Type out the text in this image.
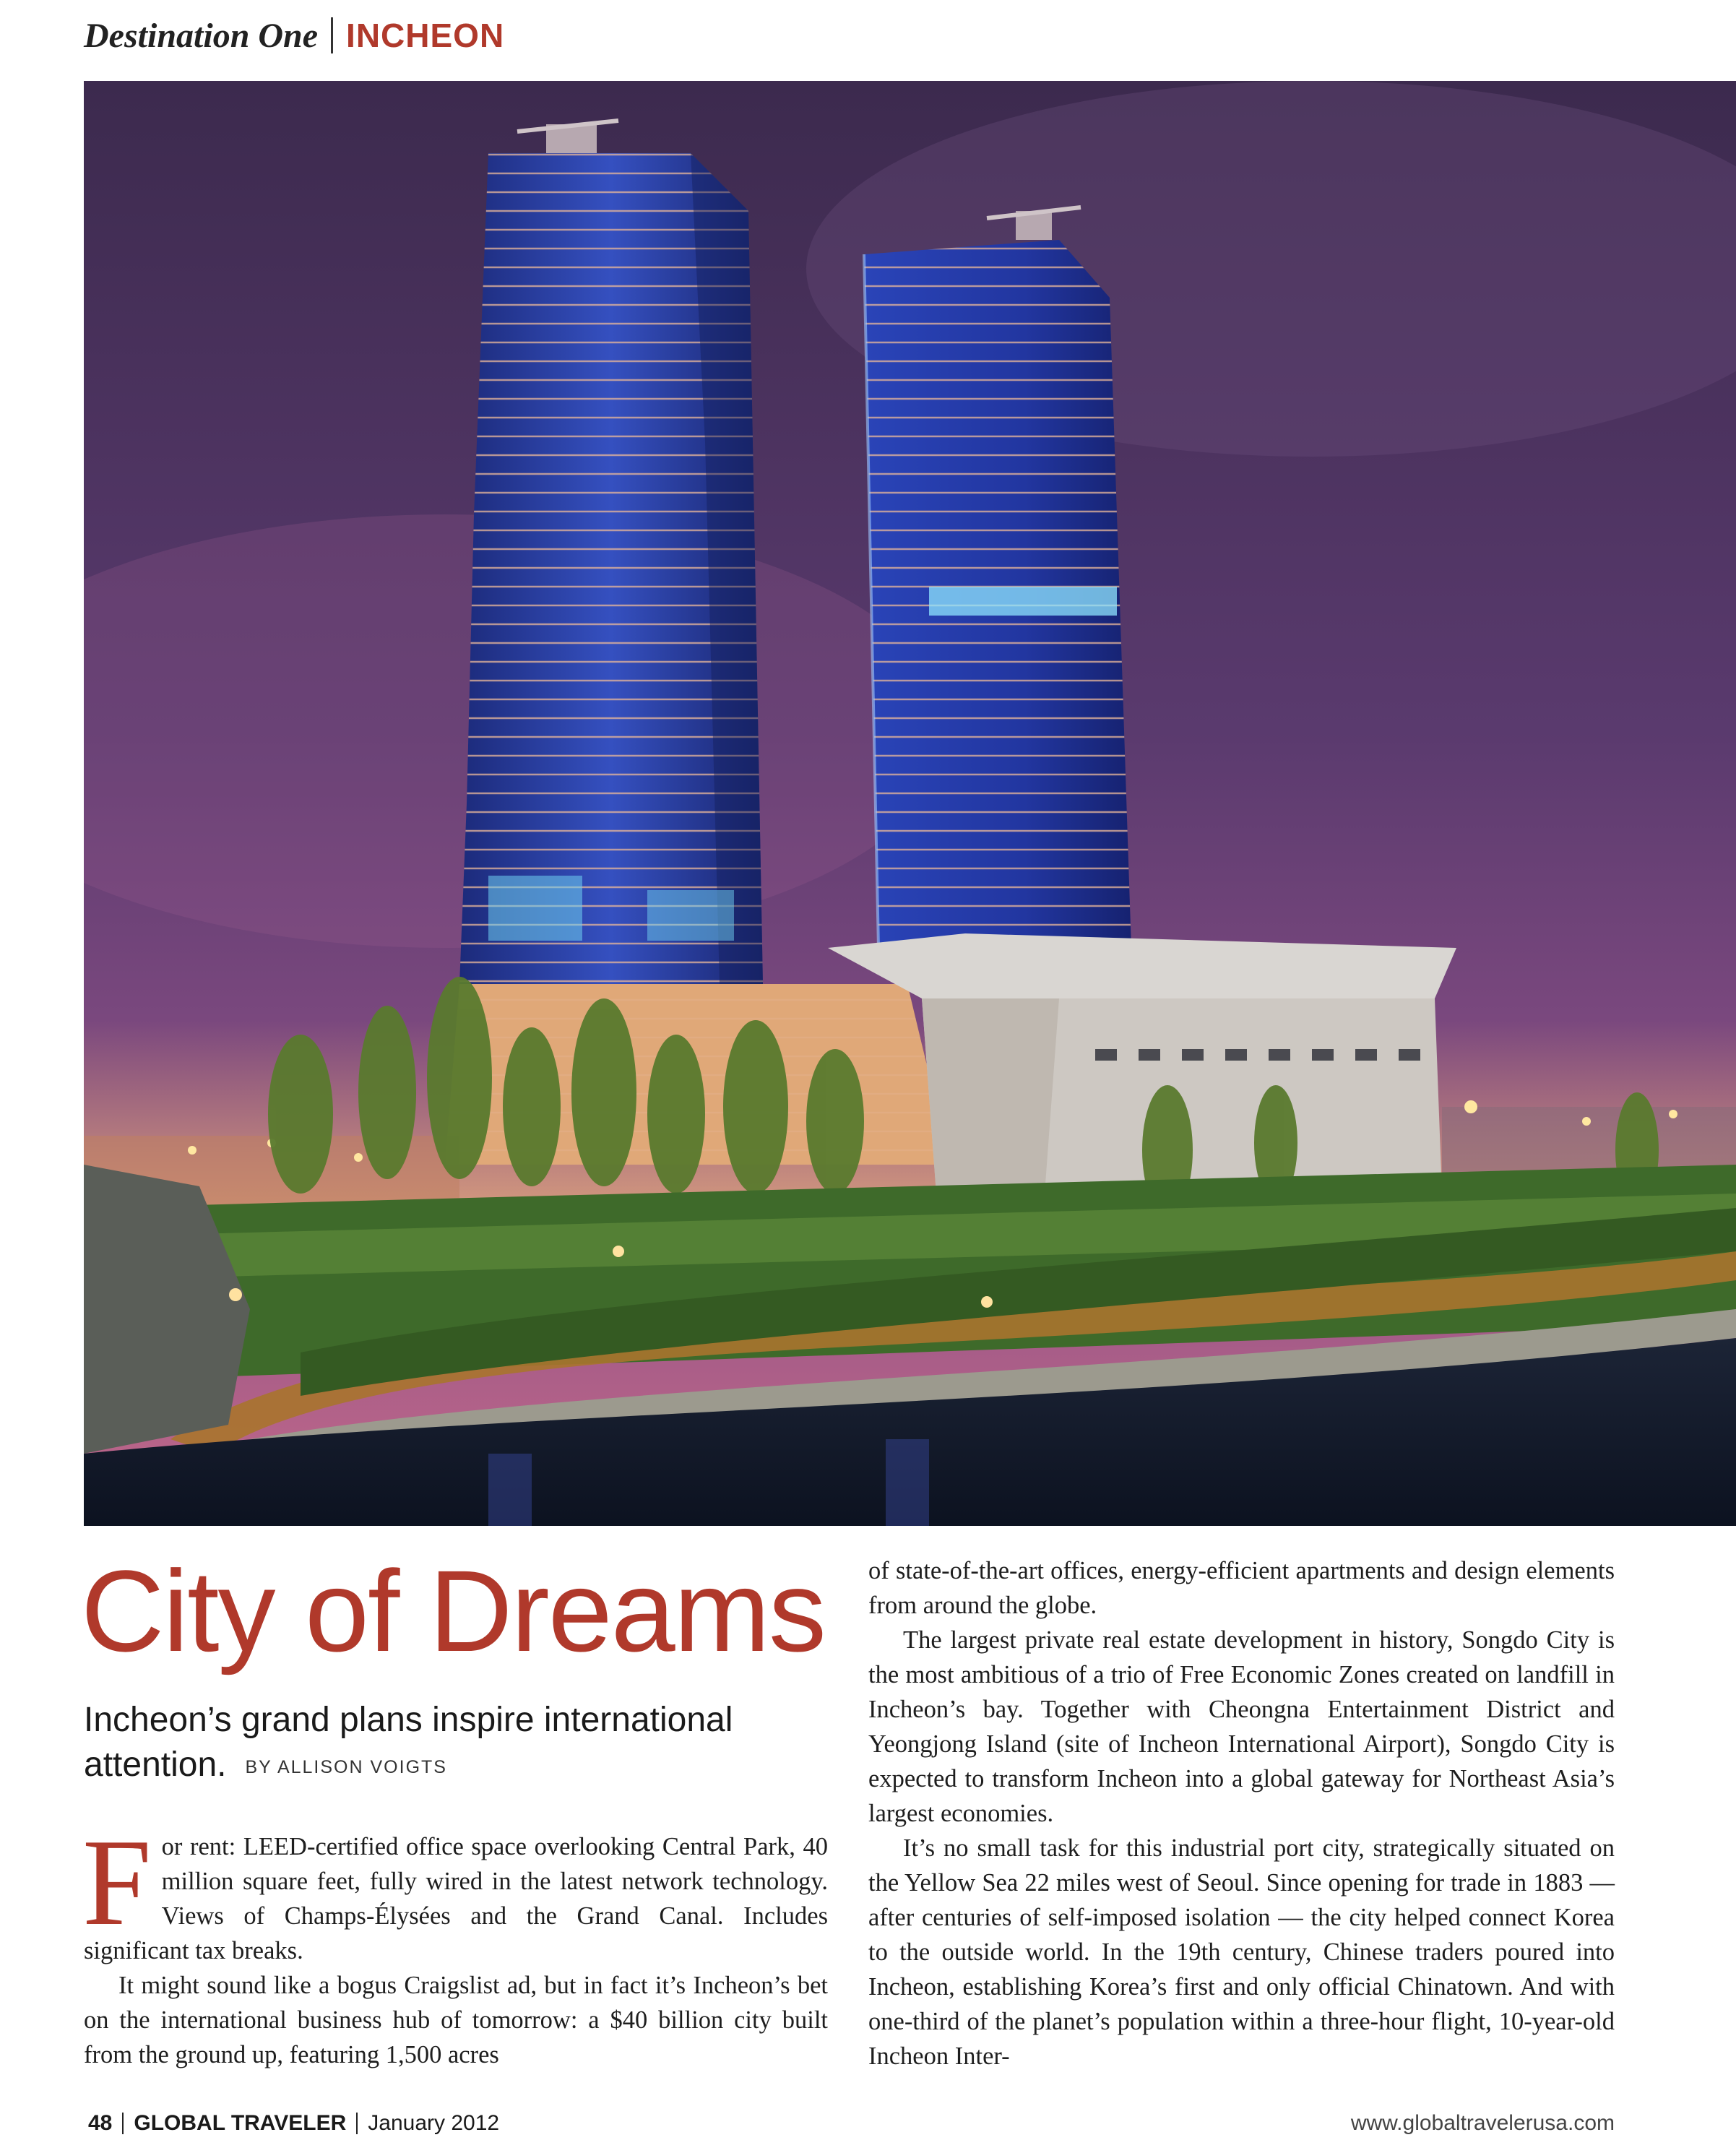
Destination One INCHEON
City of Dreams
Incheon’s grand plans inspire international attention. BY ALLISON VOIGTS

For rent: LEED-certified office space overlooking Central Park, 40 million square feet, fully wired in the latest network technology. Views of Champs-Élysées and the Grand Canal. Includes significant tax breaks.

It might sound like a bogus Craigslist ad, but in fact it’s Incheon’s bet on the international business hub of tomorrow: a $40 billion city built from the ground up, featuring 1,500 acres

of state-of-the-art offices, energy-efficient apartments and design elements from around the globe.

The largest private real estate development in history, Songdo City is the most ambitious of a trio of Free Economic Zones created on landfill in Incheon’s bay. Together with Cheongna Entertainment District and Yeongjong Island (site of Incheon International Airport), Songdo City is expected to transform Incheon into a global gateway for Northeast Asia’s largest economies.

It’s no small task for this industrial port city, strategically situated on the Yellow Sea 22 miles west of Seoul. Since opening for trade in 1883 — after centuries of self-imposed isolation — the city helped connect Korea to the outside world. In the 19th century, Chinese traders poured into Incheon, establishing Korea’s first and only official Chinatown. And with one-third of the planet’s population within a three-hour flight, 10-year-old Incheon Inter-

48 GLOBAL TRAVELER January 2012	www.globaltravelerusa.com
